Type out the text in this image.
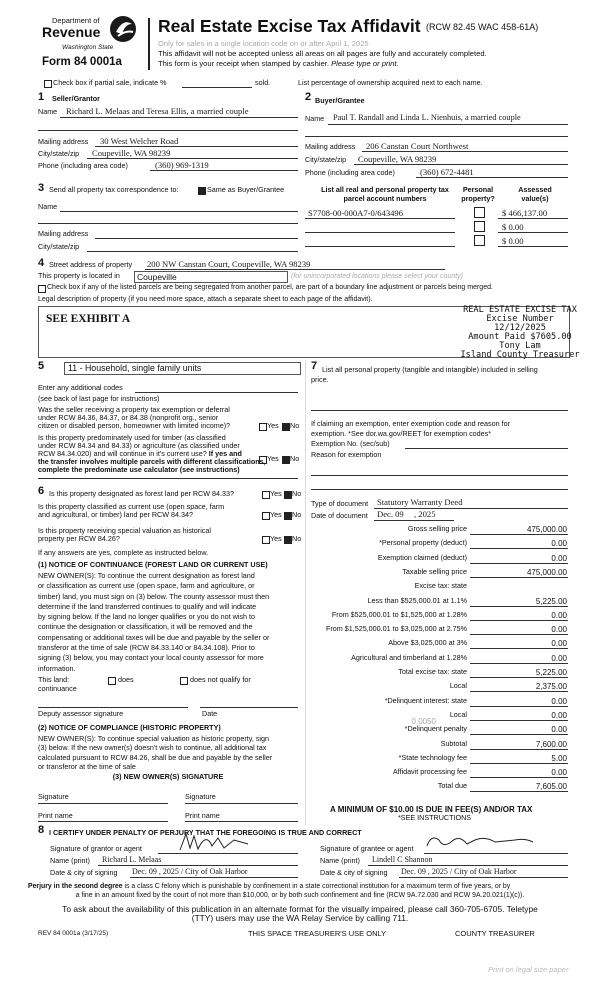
Department of
Revenue
Washington State
Form 84 0001a
Real Estate Excise Tax Affidavit (RCW 82.45 WAC 458-61A)
Only for sales in a single location code on or after April 1, 2025
This affidavit will not be accepted unless all areas on all pages are fully and accurately completed.
This form is your receipt when stamped by cashier. Please type or print.
Check box if partial sale, indicate %	sold.	List percentage of ownership acquired next to each name.
1 Seller/Grantor
Name Richard L. Melaas and Teresa Ellis, a married couple
Mailing address 30 West Welcher Road
City/state/zip Coupeville, WA 98239
Phone (including area code)	(360) 969-1319
2 Buyer/Grantee
Name Paul T. Randall and Linda L. Nienhuis, a married couple
Mailing address 206 Canstan Court Northwest
City/state/zip Coupeville, WA 98239
Phone (including area code)	(360) 672-4481
3 Send all property tax correspondence to:	Same as Buyer/Grantee
Name
Mailing address
City/state/zip
List all real and personal property tax
parcel account numbers
Personal
property?
Assessed
value(s)
S7708-00-000A7-0/643496	$ 466,137.00
$ 0.00
$ 0.00
4 Street address of property 200 NW Canstan Court, Coupeville, WA 98239
This property is located in	Coupeville	(for unincorporated locations please select your county)
Check box if any of the listed parcels are being segregated from another parcel, are part of a boundary line adjustment or parcels being merged.
Legal description of property (if you need more space, attach a separate sheet to each page of the affidavit).
SEE EXHIBIT A
REAL ESTATE EXCISE TAX
Excise Number
12/12/2025
Amount Paid $7605.00
Tony Lam
Island County Treasurer
5	11 - Household, single family units
Enter any additional codes
(see back of last page for instructions)
Was the seller receiving a property tax exemption or deferral
under RCW 84.36, 84.37, or 84.38 (nonprofit org., senior
citizen or disabled person, homeowner with limited income)?	Yes No
Is this property predominately used for timber (as classified
under RCW 84.34 and 84.33) or agriculture (as classified under
RCW 84.34.020) and will continue in it's current use? If yes and
the transfer involves multiple parcels with different classifications,
complete the predominate use calculator (see instructions)
Yes No
6 Is this property designated as forest land per RCW 84.33?	Yes No
Is this property classified as current use (open space, farm
and agricultural, or timber) land per RCW 84.34?	Yes No
Is this property receiving special valuation as historical
property per RCW 84.26?	Yes No
If any answers are yes, complete as instructed below.
(1) NOTICE OF CONTINUANCE (FOREST LAND OR CURRENT USE)
NEW OWNER(S): To continue the current designation as forest land
or classification as current use (open space, farm and agriculture, or
timber) land, you must sign on (3) below. The county assessor must then
determine if the land transferred continues to qualify and will indicate
by signing below. If the land no longer qualifies or you do not wish to
continue the designation or classification, it will be removed and the
compensating or additional taxes will be due and payable by the seller or
transferor at the time of sale (RCW 84.33.140 or 84.34.108). Prior to
signing (3) below, you may contact your local county assessor for more
information.
This land:	does	does not qualify for
continuance
Deputy assessor signature	Date
(2) NOTICE OF COMPLIANCE (HISTORIC PROPERTY)
NEW OWNER(S): To continue special valuation as historic property, sign
(3) below. If the new owner(s) doesn't wish to continue, all additional tax
calculated pursuant to RCW 84.26, shall be due and payable by the seller
or transferor at the time of sale
(3) NEW OWNER(S) SIGNATURE
Signature	Signature
Print name	Print name
7 List all personal property (tangible and intangible) included in selling
price.
If claiming an exemption, enter exemption code and reason for
exemption. *See dor.wa.gov/REET for exemption codes*
Exemption No. (sec/sub)
Reason for exemption
Type of document Statutory Warranty Deed
Date of document Dec. 09 , 2025
Gross selling price	475,000.00
*Personal property (deduct)	0.00
Exemption claimed (deduct)	0.00
Taxable selling price	475,000.00
Excise tax: state
Less than $525,000.01 at 1.1%	5,225.00
From $525,000.01 to $1,525,000 at 1.28%	0.00
From $1,525,000.01 to $3,025,000 at 2.75%	0.00
Above $3,025,000 at 3%	0.00
Agricultural and timberland at 1.28%	0.00
Total excise tax: state	5,225.00
Local	2,375.00
*Delinquent interest: state	0.00
Local	0.00
*Delinquent penalty	0.00
Subtotal	7,600.00
*State technology fee	5.00
Affidavit processing fee	0.00
Total due	7,605.00
0.0050
A MINIMUM OF $10.00 IS DUE IN FEE(S) AND/OR TAX
*SEE INSTRUCTIONS
8 I CERTIFY UNDER PENALTY OF PERJURY THAT THE FOREGOING IS TRUE AND CORRECT
Signature of grantor or agent
Name (print) Richard L. Melaas
Date & city of signing Dec. 09 , 2025 / City of Oak Harbor
Signature of grantee or agent
Name (print) Lindell C Shannon
Date & city of signing Dec. 09 , 2025 / City of Oak Harbor
Perjury in the second degree is a class C felony which is punishable by confinement in a state correctional institution for a maximum term of five years, or by
a fine in an amount fixed by the court of not more than $10,000, or by both such confinement and fine (RCW 9A.72.030 and RCW 9A.20.021(1)(c)).
To ask about the availability of this publication in an alternate format for the visually impaired, please call 360-705-6705. Teletype
(TTY) users may use the WA Relay Service by calling 711.
REV 84 0001a (3/17/25)	THIS SPACE TREASURER'S USE ONLY	COUNTY TREASURER
Print on legal size paper
